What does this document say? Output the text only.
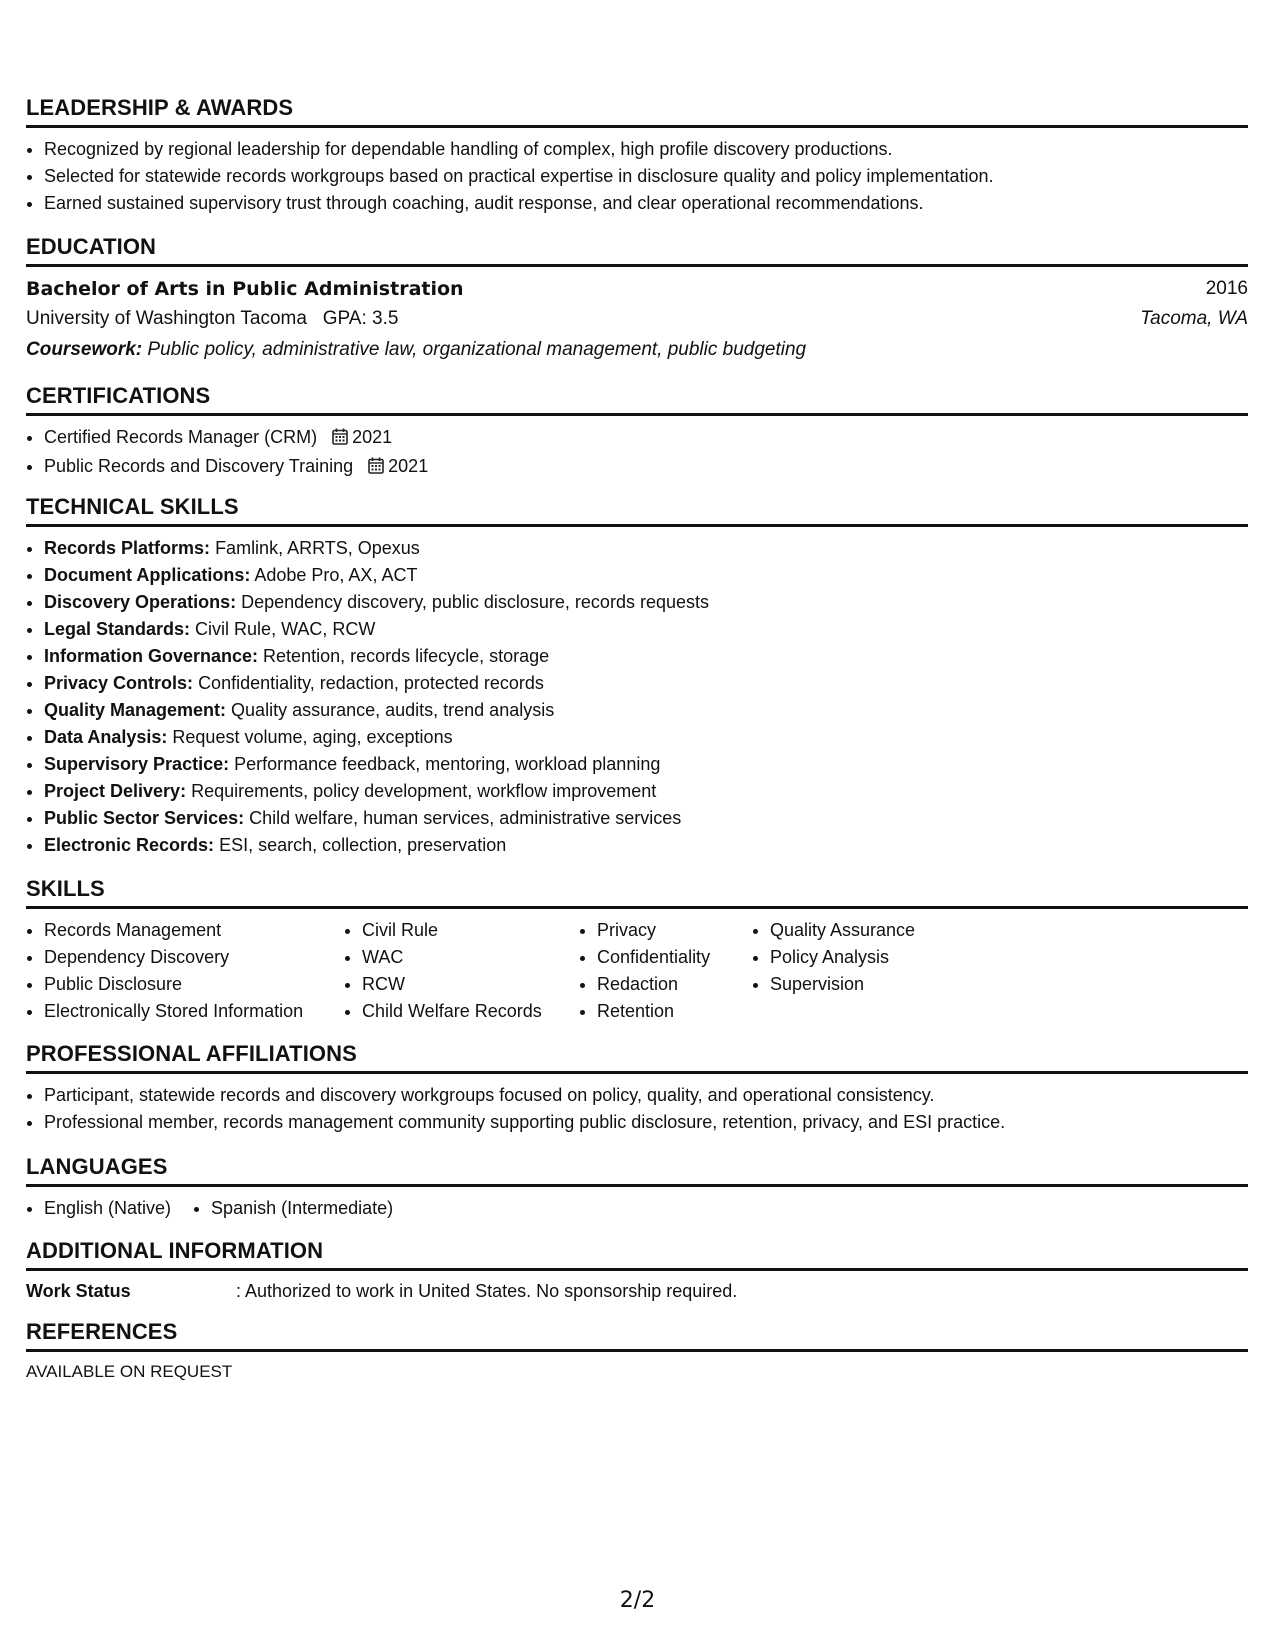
LEADERSHIP & AWARDS
• Recognized by regional leadership for dependable handling of complex, high profile discovery productions.
• Selected for statewide records workgroups based on practical expertise in disclosure quality and policy implementation.
• Earned sustained supervisory trust through coaching, audit response, and clear operational recommendations.
EDUCATION
Bachelor of Arts in Public Administration	2016
University of Washington Tacoma GPA: 3.5	Tacoma, WA
Coursework: Public policy, administrative law, organizational management, public budgeting
CERTIFICATIONS
• Certified Records Manager (CRM) 2021
• Public Records and Discovery Training 2021
TECHNICAL SKILLS
• Records Platforms: Famlink, ARRTS, Opexus
• Document Applications: Adobe Pro, AX, ACT
• Discovery Operations: Dependency discovery, public disclosure, records requests
• Legal Standards: Civil Rule, WAC, RCW
• Information Governance: Retention, records lifecycle, storage
• Privacy Controls: Confidentiality, redaction, protected records
• Quality Management: Quality assurance, audits, trend analysis
• Data Analysis: Request volume, aging, exceptions
• Supervisory Practice: Performance feedback, mentoring, workload planning
• Project Delivery: Requirements, policy development, workflow improvement
• Public Sector Services: Child welfare, human services, administrative services
• Electronic Records: ESI, search, collection, preservation
SKILLS
• Records Management
• Dependency Discovery
• Public Disclosure
• Electronically Stored Information
• Civil Rule
• WAC
• RCW
• Child Welfare Records
• Privacy
• Confidentiality
• Redaction
• Retention
• Quality Assurance
• Policy Analysis
• Supervision
PROFESSIONAL AFFILIATIONS
• Participant, statewide records and discovery workgroups focused on policy, quality, and operational consistency.
• Professional member, records management community supporting public disclosure, retention, privacy, and ESI practice.
LANGUAGES
• English (Native)
• Spanish (Intermediate)
ADDITIONAL INFORMATION
Work Status	: Authorized to work in United States. No sponsorship required.
REFERENCES
AVAILABLE ON REQUEST
2/2
